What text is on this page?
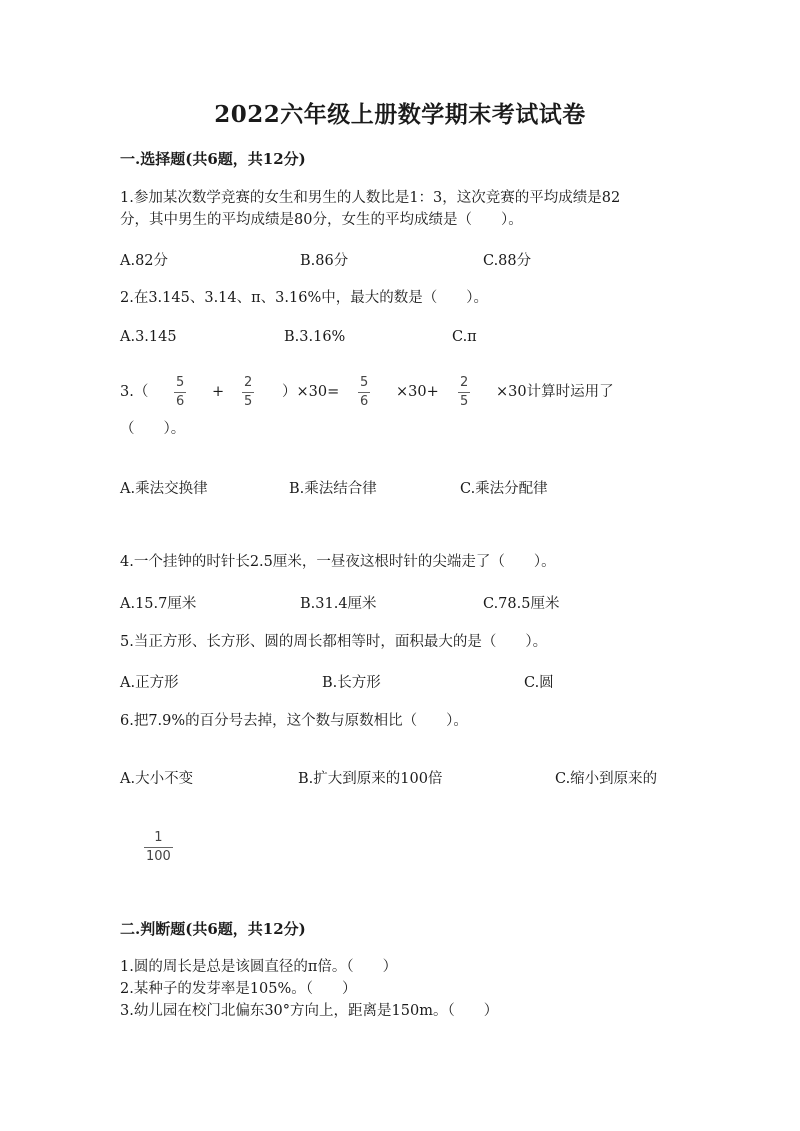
2022六年级上册数学期末考试试卷
一.选择题(共6题，共12分)
1.参加某次数学竞赛的女生和男生的人数比是1：3，这次竞赛的平均成绩是82
分，其中男生的平均成绩是80分，女生的平均成绩是（　　）。
A.82分	B.86分	C.88分
2.在3.145、3.14、π、3.16%中，最大的数是（　　）。
A.3.145	B.3.16%	C.π
3.（
5
6
+
2
5
）×30=
5
6
×30+
2
5
×30计算时运用了
（　　）。
A.乘法交换律	B.乘法结合律	C.乘法分配律
4.一个挂钟的时针长2.5厘米，一昼夜这根时针的尖端走了（　　）。
A.15.7厘米	B.31.4厘米	C.78.5厘米
5.当正方形、长方形、圆的周长都相等时，面积最大的是（　　）。
A.正方形	B.长方形	C.圆
6.把7.9%的百分号去掉，这个数与原数相比（　　）。
A.大小不变	B.扩大到原来的100倍	C.缩小到原来的
1
100
二.判断题(共6题，共12分)
1.圆的周长是总是该圆直径的π倍。（　　）
2.某种子的发芽率是105%。（　　）
3.幼儿园在校门北偏东30°方向上，距离是150m。（　　）
